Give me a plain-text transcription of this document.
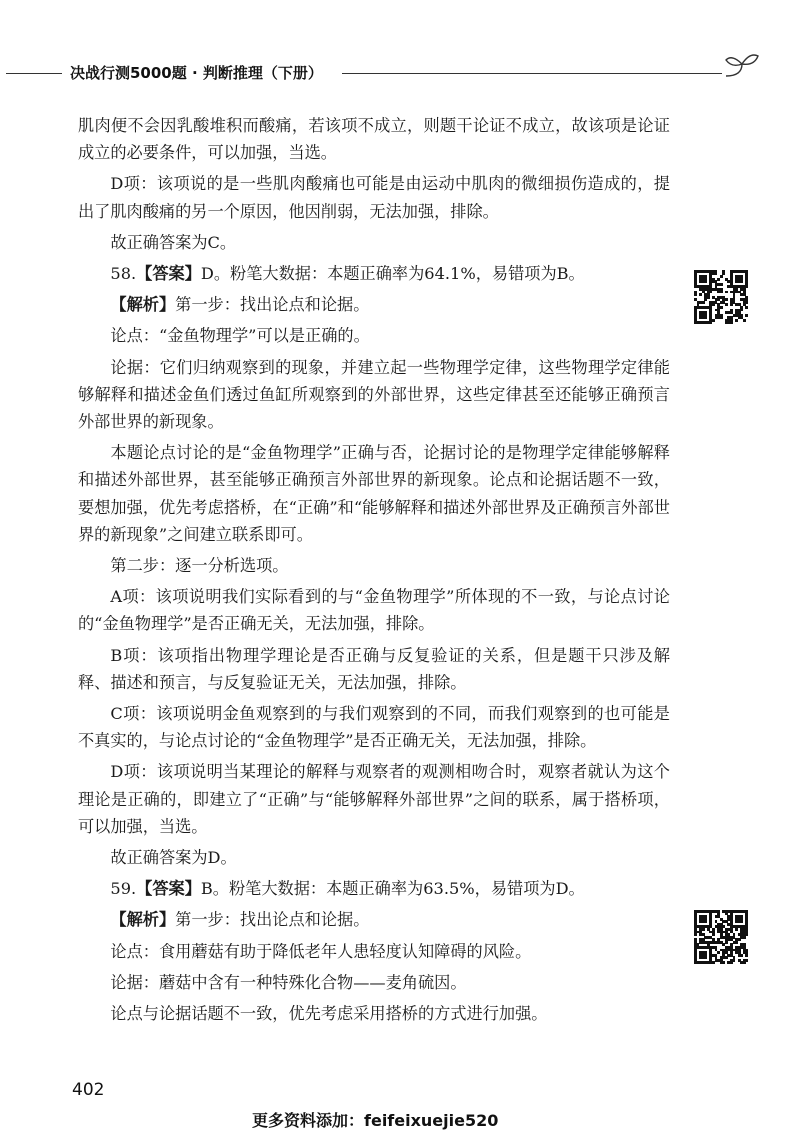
决战行测5000题 · 判断推理（下册）

肌肉便不会因乳酸堆积而酸痛，若该项不成立，则题干论证不成立，故该项是论证成立的必要条件，可以加强，当选。

D项：该项说的是一些肌肉酸痛也可能是由运动中肌肉的微细损伤造成的，提出了肌肉酸痛的另一个原因，他因削弱，无法加强，排除。

故正确答案为C。

58.【答案】D。粉笔大数据：本题正确率为64.1%，易错项为B。

【解析】第一步：找出论点和论据。

论点：“金鱼物理学”可以是正确的。

论据：它们归纳观察到的现象，并建立起一些物理学定律，这些物理学定律能够解释和描述金鱼们透过鱼缸所观察到的外部世界，这些定律甚至还能够正确预言外部世界的新现象。

本题论点讨论的是“金鱼物理学”正确与否，论据讨论的是物理学定律能够解释和描述外部世界，甚至能够正确预言外部世界的新现象。论点和论据话题不一致，要想加强，优先考虑搭桥，在“正确”和“能够解释和描述外部世界及正确预言外部世界的新现象”之间建立联系即可。

第二步：逐一分析选项。

A项：该项说明我们实际看到的与“金鱼物理学”所体现的不一致，与论点讨论的“金鱼物理学”是否正确无关，无法加强，排除。

B项：该项指出物理学理论是否正确与反复验证的关系，但是题干只涉及解释、描述和预言，与反复验证无关，无法加强，排除。

C项：该项说明金鱼观察到的与我们观察到的不同，而我们观察到的也可能是不真实的，与论点讨论的“金鱼物理学”是否正确无关，无法加强，排除。

D项：该项说明当某理论的解释与观察者的观测相吻合时，观察者就认为这个理论是正确的，即建立了“正确”与“能够解释外部世界”之间的联系，属于搭桥项，可以加强，当选。

故正确答案为D。

59.【答案】B。粉笔大数据：本题正确率为63.5%，易错项为D。

【解析】第一步：找出论点和论据。

论点：食用蘑菇有助于降低老年人患轻度认知障碍的风险。

论据：蘑菇中含有一种特殊化合物——麦角硫因。

论点与论据话题不一致，优先考虑采用搭桥的方式进行加强。

402
更多资料添加：feifeixuejie520
